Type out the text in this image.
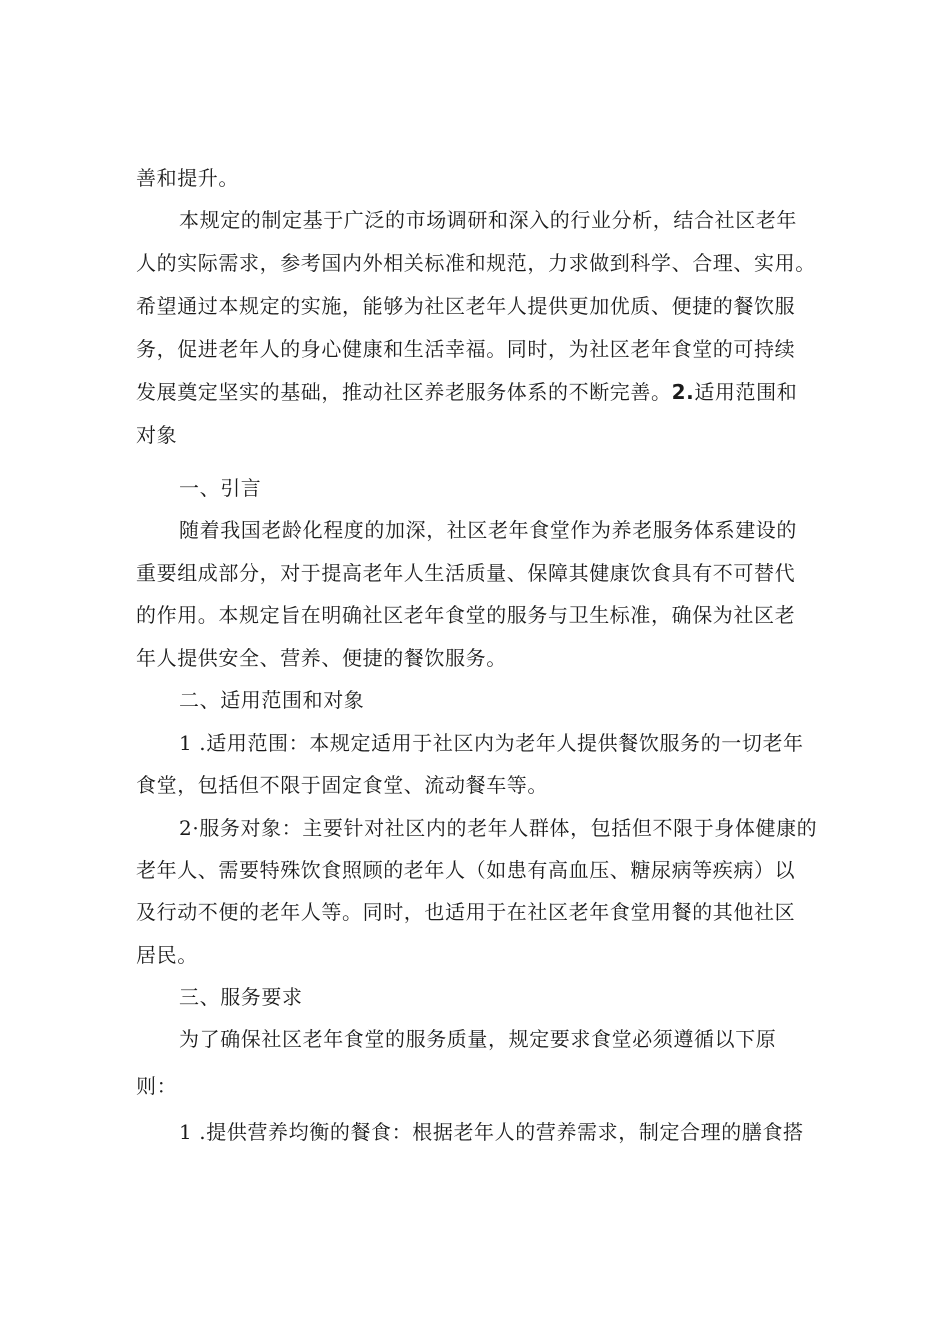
善和提升。
本规定的制定基于广泛的市场调研和深入的行业分析，结合社区老年
人的实际需求，参考国内外相关标准和规范，力求做到科学、合理、实用。
希望通过本规定的实施，能够为社区老年人提供更加优质、便捷的餐饮服
务，促进老年人的身心健康和生活幸福。同时，为社区老年食堂的可持续
发展奠定坚实的基础，推动社区养老服务体系的不断完善。2.适用范围和
对象
一、引言
随着我国老龄化程度的加深，社区老年食堂作为养老服务体系建设的
重要组成部分，对于提高老年人生活质量、保障其健康饮食具有不可替代
的作用。本规定旨在明确社区老年食堂的服务与卫生标准，确保为社区老
年人提供安全、营养、便捷的餐饮服务。
二、适用范围和对象
1 .适用范围：本规定适用于社区内为老年人提供餐饮服务的一切老年
食堂，包括但不限于固定食堂、流动餐车等。
2·服务对象：主要针对社区内的老年人群体，包括但不限于身体健康的
老年人、需要特殊饮食照顾的老年人（如患有高血压、糖尿病等疾病）以
及行动不便的老年人等。同时，也适用于在社区老年食堂用餐的其他社区
居民。
三、服务要求
为了确保社区老年食堂的服务质量，规定要求食堂必须遵循以下原
则：
1 .提供营养均衡的餐食：根据老年人的营养需求，制定合理的膳食搭
